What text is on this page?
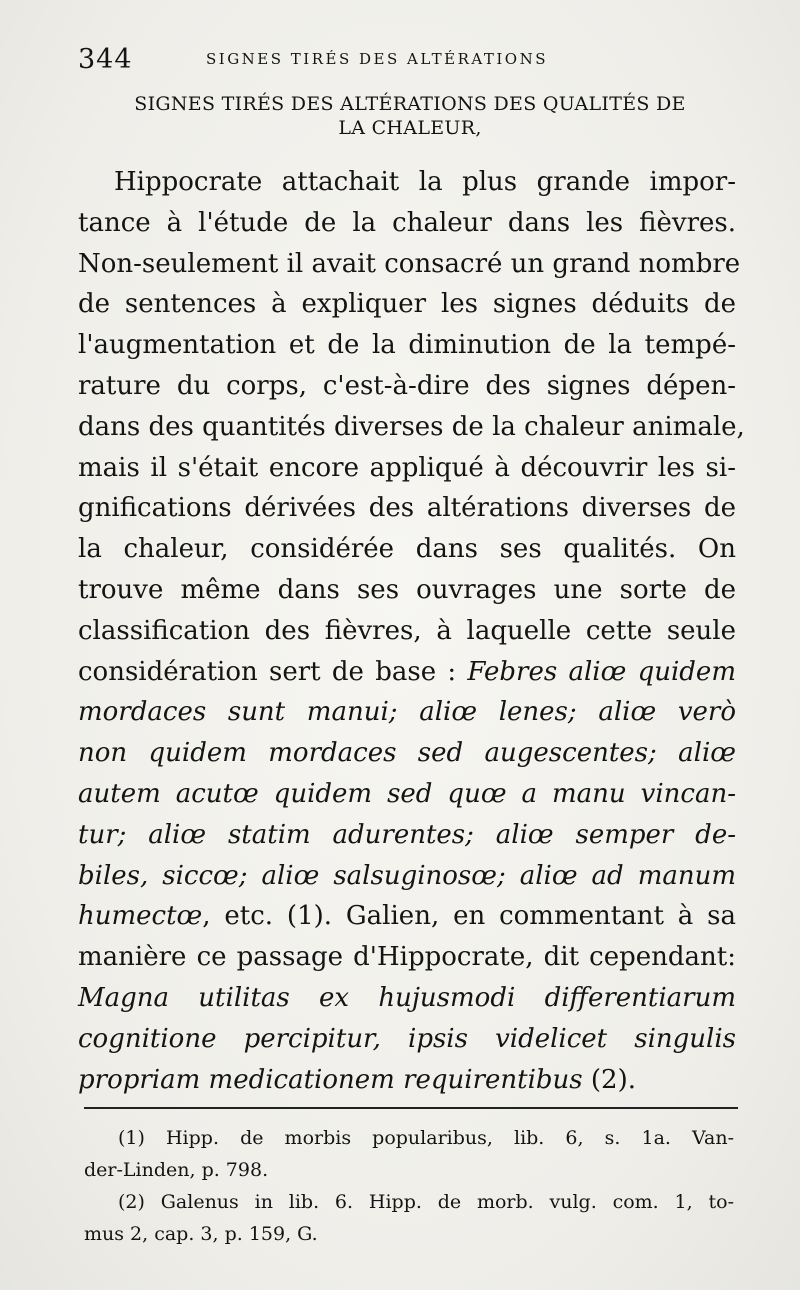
344	SIGNES TIRÉS DES ALTÉRATIONS
SIGNES TIRÉS DES ALTÉRATIONS DES QUALITÉS DE
LA CHALEUR,
Hippocrate attachait la plus grande impor-
tance à l'étude de la chaleur dans les fièvres.
Non-seulement il avait consacré un grand nombre
de sentences à expliquer les signes déduits de
l'augmentation et de la diminution de la tempé-
rature du corps, c'est-à-dire des signes dépen-
dans des quantités diverses de la chaleur animale,
mais il s'était encore appliqué à découvrir les si-
gnifications dérivées des altérations diverses de
la chaleur, considérée dans ses qualités. On
trouve même dans ses ouvrages une sorte de
classification des fièvres, à laquelle cette seule
considération sert de base : Febres aliœ quidem
mordaces sunt manui; aliœ lenes; aliœ verò
non quidem mordaces sed augescentes; aliœ
autem acutœ quidem sed quœ a manu vincan-
tur; aliœ statim adurentes; aliœ semper de-
biles, siccœ; aliœ salsuginosœ; aliœ ad manum
humectœ, etc. (1). Galien, en commentant à sa
manière ce passage d'Hippocrate, dit cependant:
Magna utilitas ex hujusmodi differentiarum
cognitione percipitur, ipsis videlicet singulis
propriam medicationem requirentibus (2).
(1) Hipp. de morbis popularibus, lib. 6, s. 1a. Van-
der-Linden, p. 798.
(2) Galenus in lib. 6. Hipp. de morb. vulg. com. 1, to-
mus 2, cap. 3, p. 159, G.
